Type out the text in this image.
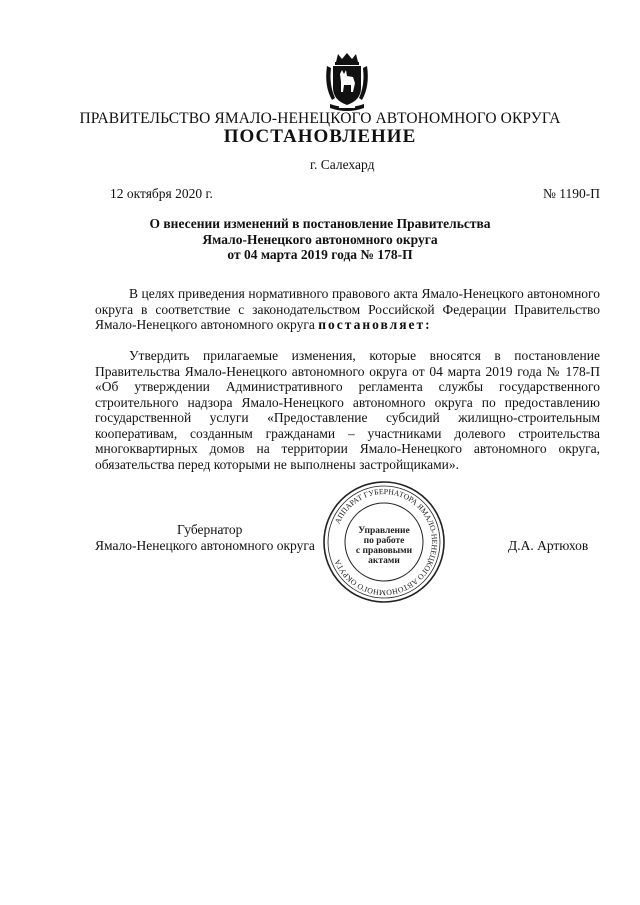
ПРАВИТЕЛЬСТВО ЯМАЛО-НЕНЕЦКОГО АВТОНОМНОГО ОКРУГА
ПОСТАНОВЛЕНИЕ
г. Салехард
12 октября 2020 г.	№ 1190-П
О внесении изменений в постановление Правительства
Ямало-Ненецкого автономного округа
от 04 марта 2019 года № 178-П
В целях приведения нормативного правового акта Ямало-Ненецкого автономного округа в соответствие с законодательством Российской Федерации Правительство Ямало-Ненецкого автономного округа постановляет:
Утвердить прилагаемые изменения, которые вносятся в постановление Правительства Ямало-Ненецкого автономного округа от 04 марта 2019 года № 178-П «Об утверждении Административного регламента службы государственного строительного надзора Ямало-Ненецкого автономного округа по предоставлению государственной услуги «Предоставление субсидий жилищно-строительным кооперативам, созданным гражданами – участниками долевого строительства многоквартирных домов на территории Ямало-Ненецкого автономного округа, обязательства перед которыми не выполнены застройщиками».
Губернатор
Ямало-Ненецкого автономного округа	Д.А. Артюхов
АППАРАТ ГУБЕРНАТОРА ЯМАЛО-НЕНЕЦКОГО АВТОНОМНОГО ОКРУГА
Управление
по работе
с правовыми
актами
